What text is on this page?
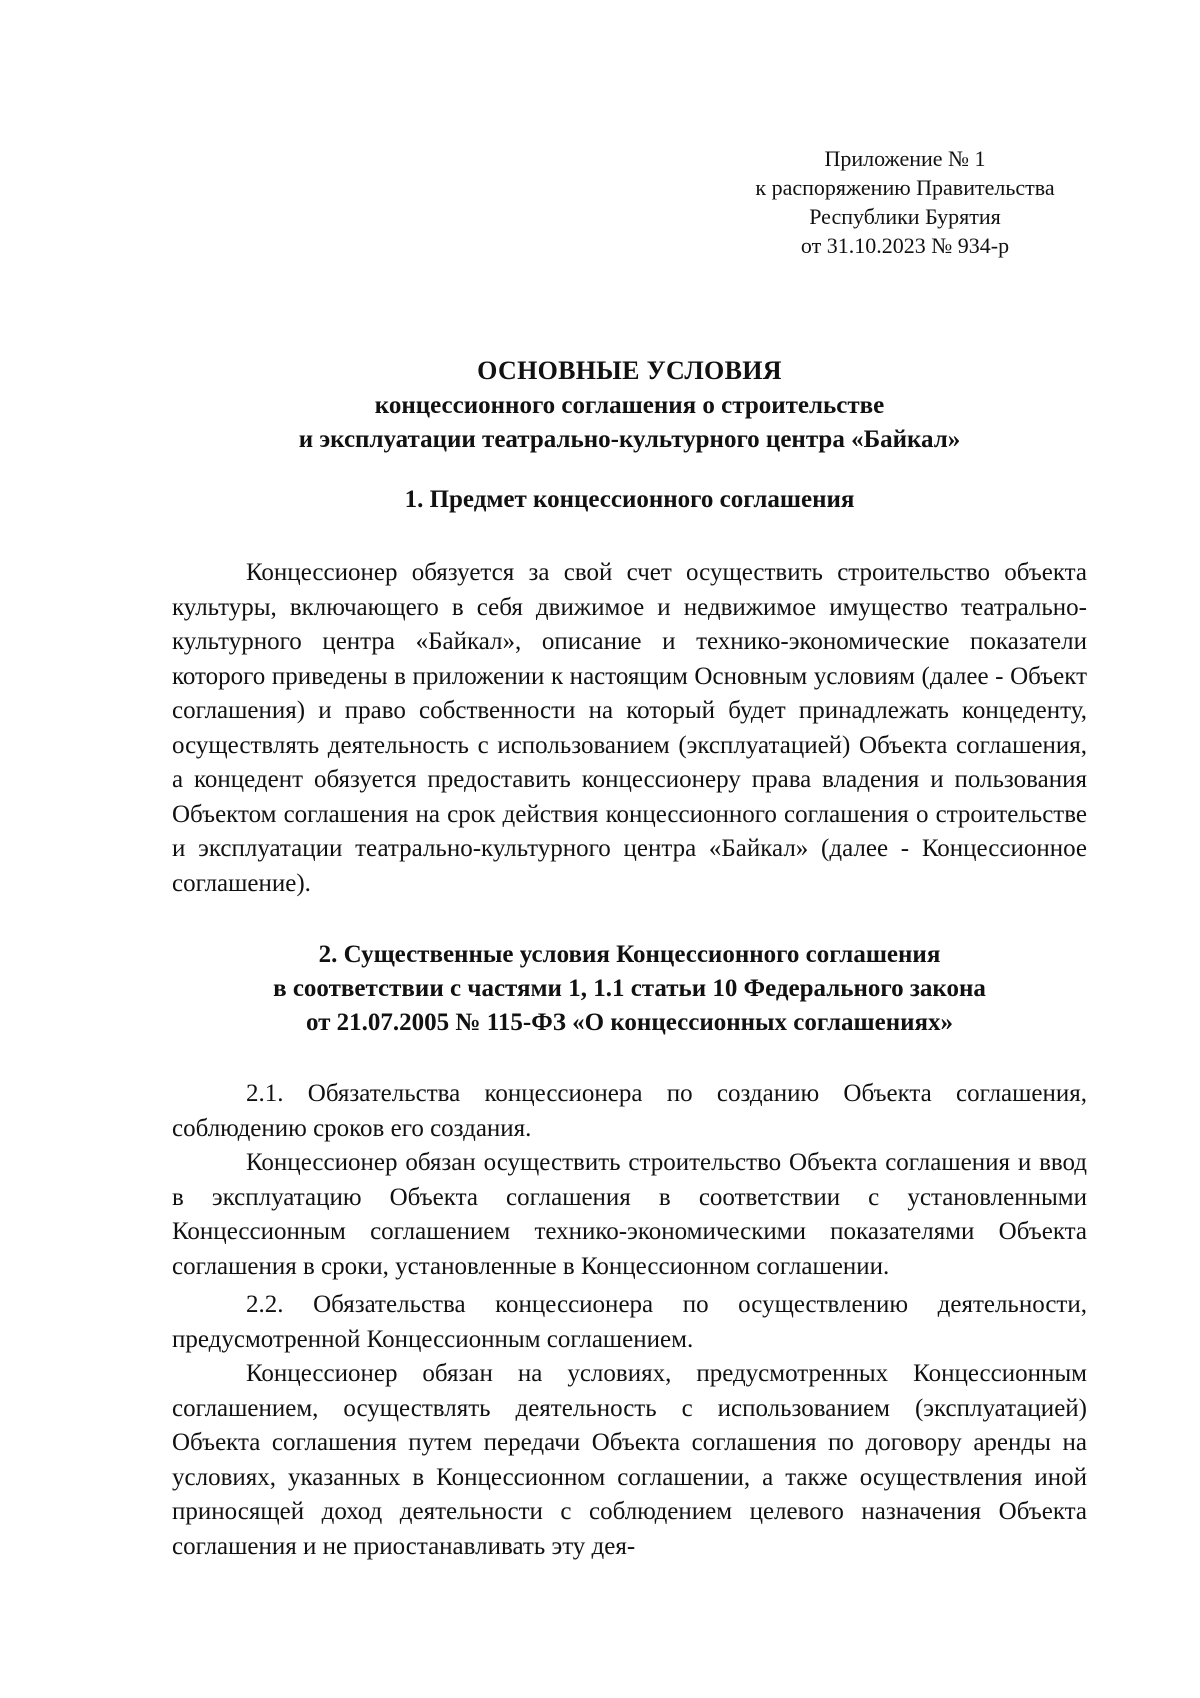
Приложение № 1
к распоряжению Правительства
Республики Бурятия
от 31.10.2023 № 934-р
ОСНОВНЫЕ УСЛОВИЯ
концессионного соглашения о строительстве
и эксплуатации театрально-культурного центра «Байкал»
1. Предмет концессионного соглашения

Концессионер обязуется за свой счет осуществить строительство объекта культуры, включающего в себя движимое и недвижимое имущество театрально-культурного центра «Байкал», описание и технико-экономические показатели которого приведены в приложении к настоящим Основным условиям (далее - Объект соглашения) и право собственности на который будет принадлежать концеденту, осуществлять деятельность с использованием (эксплуатацией) Объекта соглашения, а концедент обязуется предоставить концессионеру права владения и пользования Объектом соглашения на срок действия концессионного соглашения о строительстве и эксплуатации театрально-культурного центра «Байкал» (далее - Концессионное соглашение).

2. Существенные условия Концессионного соглашения
в соответствии с частями 1, 1.1 статьи 10 Федерального закона
от 21.07.2005 № 115-ФЗ «О концессионных соглашениях»

2.1. Обязательства концессионера по созданию Объекта соглашения, соблюдению сроков его создания.

Концессионер обязан осуществить строительство Объекта соглашения и ввод в эксплуатацию Объекта соглашения в соответствии с установленными Концессионным соглашением технико-экономическими показателями Объекта соглашения в сроки, установленные в Концессионном соглашении.

2.2. Обязательства концессионера по осуществлению деятельности, предусмотренной Концессионным соглашением.

Концессионер обязан на условиях, предусмотренных Концессионным соглашением, осуществлять деятельность с использованием (эксплуатацией) Объекта соглашения путем передачи Объекта соглашения по договору аренды на условиях, указанных в Концессионном соглашении, а также осуществления иной приносящей доход деятельности с соблюдением целевого назначения Объекта соглашения и не приостанавливать эту дея-
